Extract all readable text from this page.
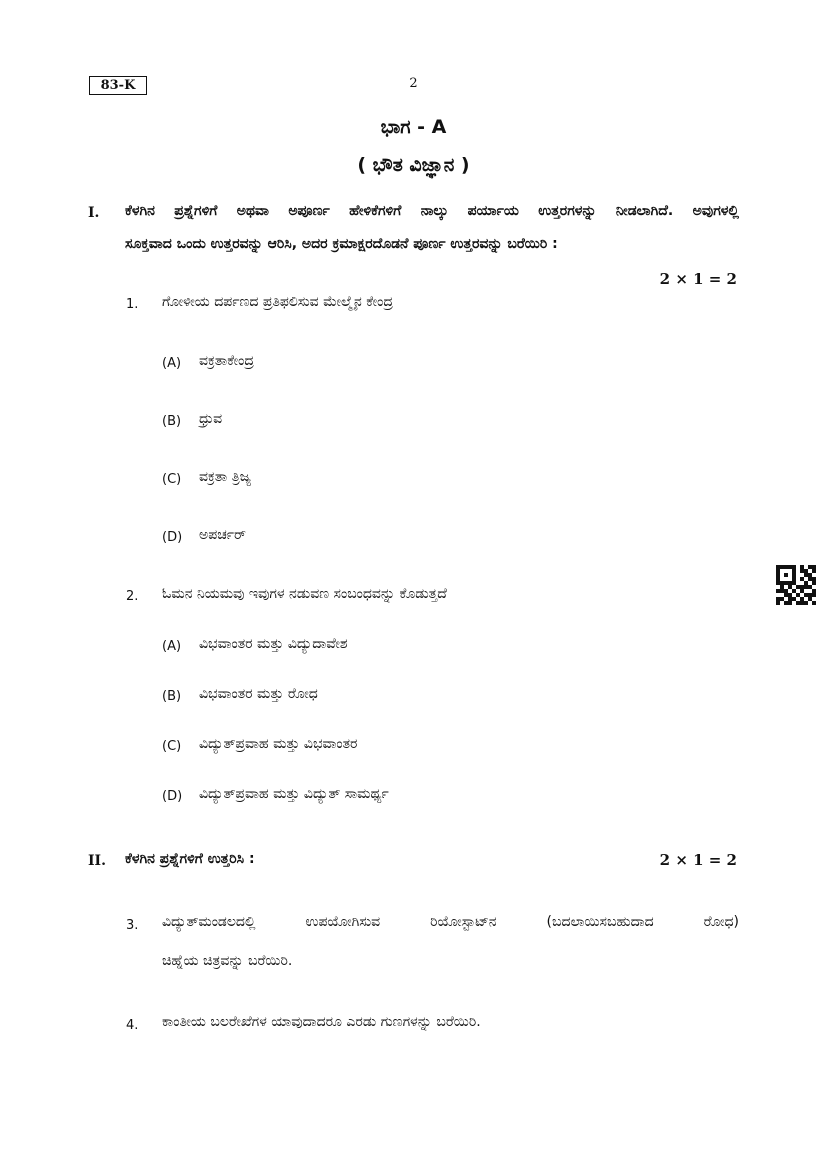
83-K	2
ಭಾಗ - A
( ಭೌತ ವಿಜ್ಞಾನ )
I. ಕೆಳಗಿನ ಪ್ರಶ್ನೆಗಳಿಗೆ ಅಥವಾ ಅಪೂರ್ಣ ಹೇಳಿಕೆಗಳಿಗೆ ನಾಲ್ಕು ಪರ್ಯಾಯ ಉತ್ತರಗಳನ್ನು ನೀಡಲಾಗಿದೆ. ಅವುಗಳಲ್ಲಿ
ಸೂಕ್ತವಾದ ಒಂದು ಉತ್ತರವನ್ನು ಆರಿಸಿ, ಅದರ ಕ್ರಮಾಕ್ಷರದೊಡನೆ ಪೂರ್ಣ ಉತ್ತರವನ್ನು ಬರೆಯಿರಿ :
2 × 1 = 2
1. ಗೋಳೀಯ ದರ್ಪಣದ ಪ್ರತಿಫಲಿಸುವ ಮೇಲ್ಮೈನ ಕೇಂದ್ರ
(A) ವಕ್ರತಾಕೇಂದ್ರ
(B) ಧ್ರುವ
(C) ವಕ್ರತಾ ತ್ರಿಜ್ಯ
(D) ಅಪರ್ಚರ್
2. ಓಮನ ನಿಯಮವು ಇವುಗಳ ನಡುವಣ ಸಂಬಂಧವನ್ನು ಕೊಡುತ್ತದೆ
(A) ವಿಭವಾಂತರ ಮತ್ತು ವಿದ್ಯುದಾವೇಶ
(B) ವಿಭವಾಂತರ ಮತ್ತು ರೋಧ
(C) ವಿದ್ಯುತ್‌ಪ್ರವಾಹ ಮತ್ತು ವಿಭವಾಂತರ
(D) ವಿದ್ಯುತ್‌ಪ್ರವಾಹ ಮತ್ತು ವಿದ್ಯುತ್ ಸಾಮರ್ಥ್ಯ
II. ಕೆಳಗಿನ ಪ್ರಶ್ನೆಗಳಿಗೆ ಉತ್ತರಿಸಿ :	2 × 1 = 2
3. ವಿದ್ಯುತ್‌ಮಂಡಲದಲ್ಲಿ ಉಪಯೋಗಿಸುವ ರಿಯೋಸ್ಟಾಟ್‌ನ (ಬದಲಾಯಿಸಬಹುದಾದ ರೋಧ)
ಚಿಹ್ನೆಯ ಚಿತ್ರವನ್ನು ಬರೆಯಿರಿ.
4. ಕಾಂತೀಯ ಬಲರೇಖೆಗಳ ಯಾವುದಾದರೂ ಎರಡು ಗುಣಗಳನ್ನು ಬರೆಯಿರಿ.
